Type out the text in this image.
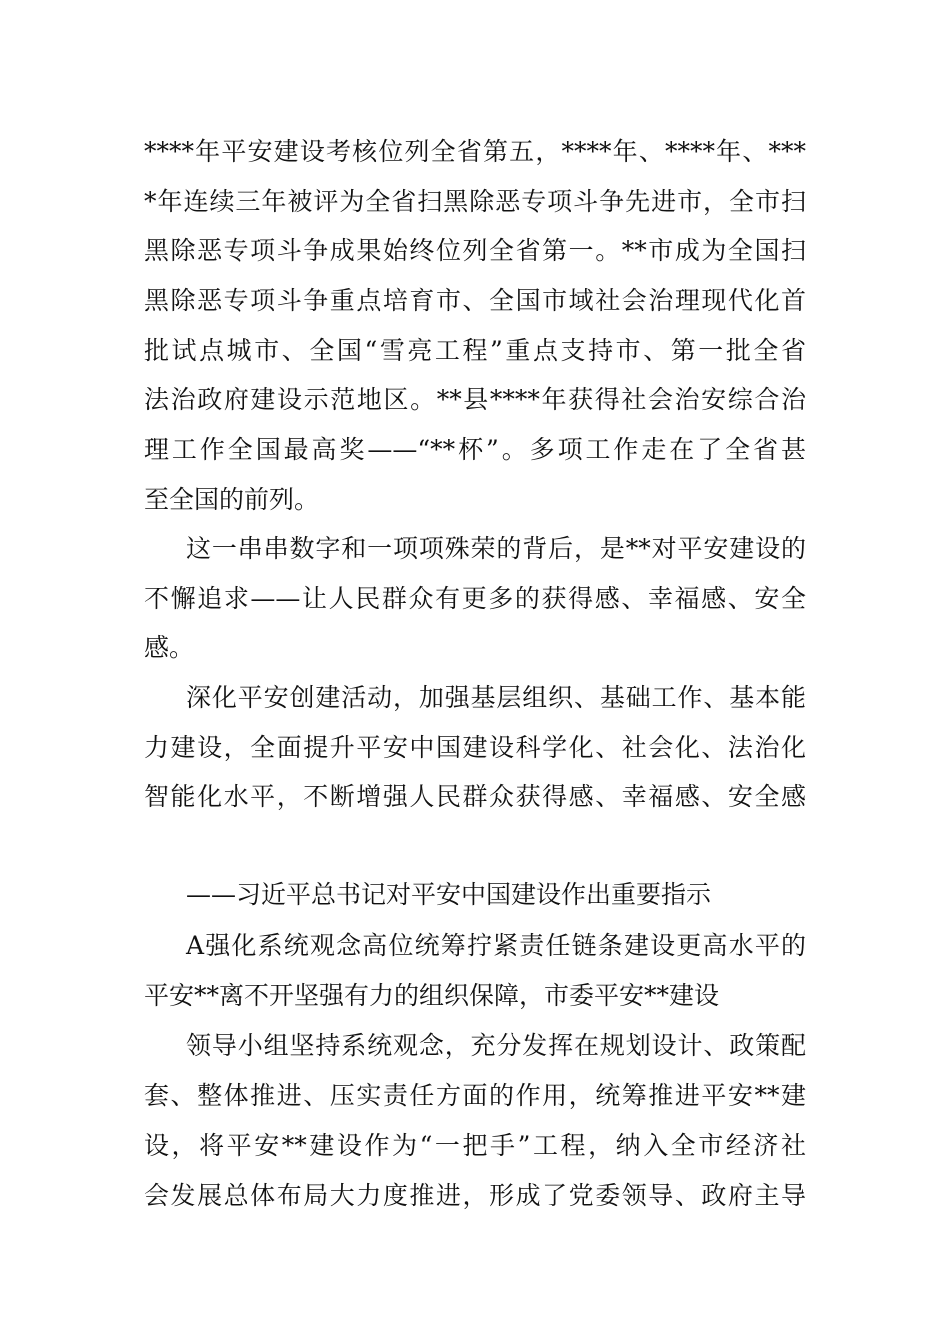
****年平安建设考核位列全省第五，****年、****年、***
*年连续三年被评为全省扫黑除恶专项斗争先进市，全市扫
黑除恶专项斗争成果始终位列全省第一。**市成为全国扫
黑除恶专项斗争重点培育市、全国市域社会治理现代化首
批试点城市、全国“雪亮工程”重点支持市、第一批全省
法治政府建设示范地区。**县****年获得社会治安综合治
理工作全国最高奖——“**杯”。多项工作走在了全省甚
至全国的前列。
这一串串数字和一项项殊荣的背后，是**对平安建设的
不懈追求——让人民群众有更多的获得感、幸福感、安全
感。
深化平安创建活动，加强基层组织、基础工作、基本能
力建设，全面提升平安中国建设科学化、社会化、法治化
智能化水平，不断增强人民群众获得感、幸福感、安全感
——习近平总书记对平安中国建设作出重要指示
A强化系统观念高位统筹拧紧责任链条建设更高水平的
平安**离不开坚强有力的组织保障，市委平安**建设
领导小组坚持系统观念，充分发挥在规划设计、政策配
套、整体推进、压实责任方面的作用，统筹推进平安**建
设，将平安**建设作为“一把手”工程，纳入全市经济社
会发展总体布局大力度推进，形成了党委领导、政府主导
